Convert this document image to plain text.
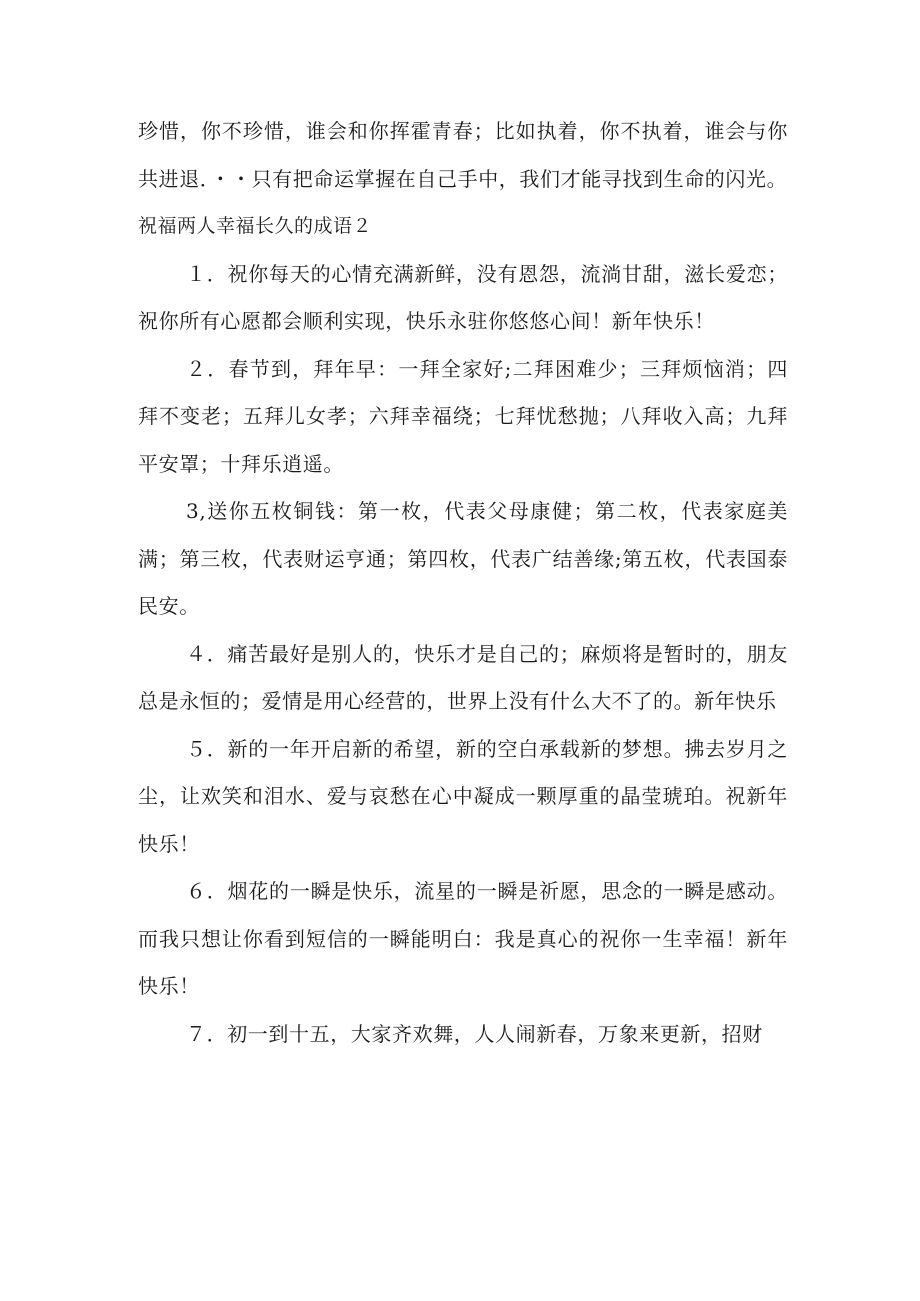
珍惜，你不珍惜，谁会和你挥霍青春；比如执着，你不执着，谁会与你共进退．・・只有把命运掌握在自己手中，我们才能寻找到生命的闪光。

祝福两人幸福长久的成语２

１．祝你每天的心情充满新鲜，没有恩怨，流淌甘甜，滋长爱恋；祝你所有心愿都会顺利实现，快乐永驻你悠悠心间！新年快乐！

２．春节到，拜年早：一拜全家好;二拜困难少；三拜烦恼消；四拜不变老；五拜儿女孝；六拜幸福绕；七拜忧愁抛；八拜收入高；九拜平安罩；十拜乐逍遥。

3,送你五枚铜钱：第一枚，代表父母康健；第二枚，代表家庭美满；第三枚，代表财运亨通；第四枚，代表广结善缘;第五枚，代表国泰民安。

４．痛苦最好是别人的，快乐才是自己的；麻烦将是暂时的，朋友总是永恒的；爱情是用心经营的，世界上没有什么大不了的。新年快乐

５．新的一年开启新的希望，新的空白承载新的梦想。拂去岁月之尘，让欢笑和泪水、爱与哀愁在心中凝成一颗厚重的晶莹琥珀。祝新年快乐！

６．烟花的一瞬是快乐，流星的一瞬是祈愿，思念的一瞬是感动。而我只想让你看到短信的一瞬能明白：我是真心的祝你一生幸福！新年快乐！

７．初一到十五，大家齐欢舞，人人闹新春，万象来更新，招财
